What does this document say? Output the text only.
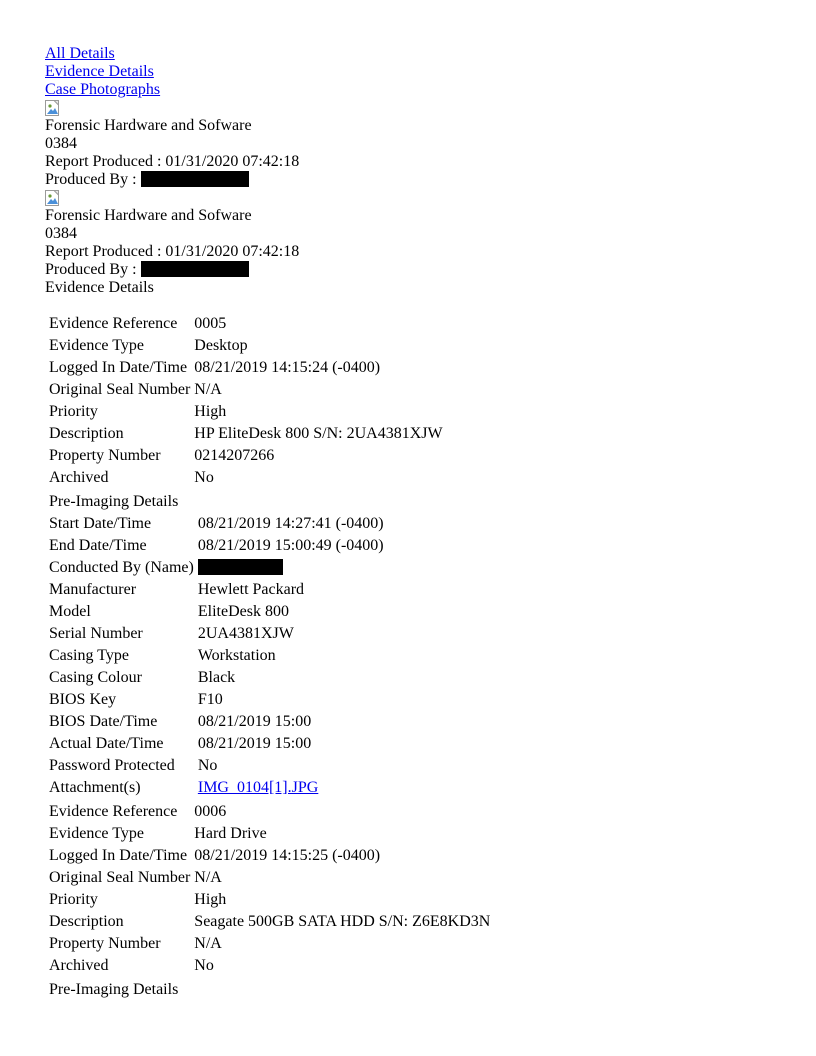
All Details
Evidence Details
Case Photographs
Forensic Hardware and Sofware
0384
Report Produced : 01/31/2020 07:42:18
Produced By :
Forensic Hardware and Sofware
0384
Report Produced : 01/31/2020 07:42:18
Produced By :
Evidence Details
Evidence Reference	0005
Evidence Type	Desktop
Logged In Date/Time	08/21/2019 14:15:24 (-0400)
Original Seal Number	N/A
Priority	High
Description	HP EliteDesk 800 S/N: 2UA4381XJW
Property Number	0214207266
Archived	No
Pre-Imaging Details	
Start Date/Time	08/21/2019 14:27:41 (-0400)
End Date/Time	08/21/2019 15:00:49 (-0400)
Conducted By (Name)	
Manufacturer	Hewlett Packard
Model	EliteDesk 800
Serial Number	2UA4381XJW
Casing Type	Workstation
Casing Colour	Black
BIOS Key	F10
BIOS Date/Time	08/21/2019 15:00
Actual Date/Time	08/21/2019 15:00
Password Protected	No
Attachment(s)	IMG_0104[1].JPG
Evidence Reference	0006
Evidence Type	Hard Drive
Logged In Date/Time	08/21/2019 14:15:25 (-0400)
Original Seal Number	N/A
Priority	High
Description	Seagate 500GB SATA HDD S/N: Z6E8KD3N
Property Number	N/A
Archived	No
Pre-Imaging Details
